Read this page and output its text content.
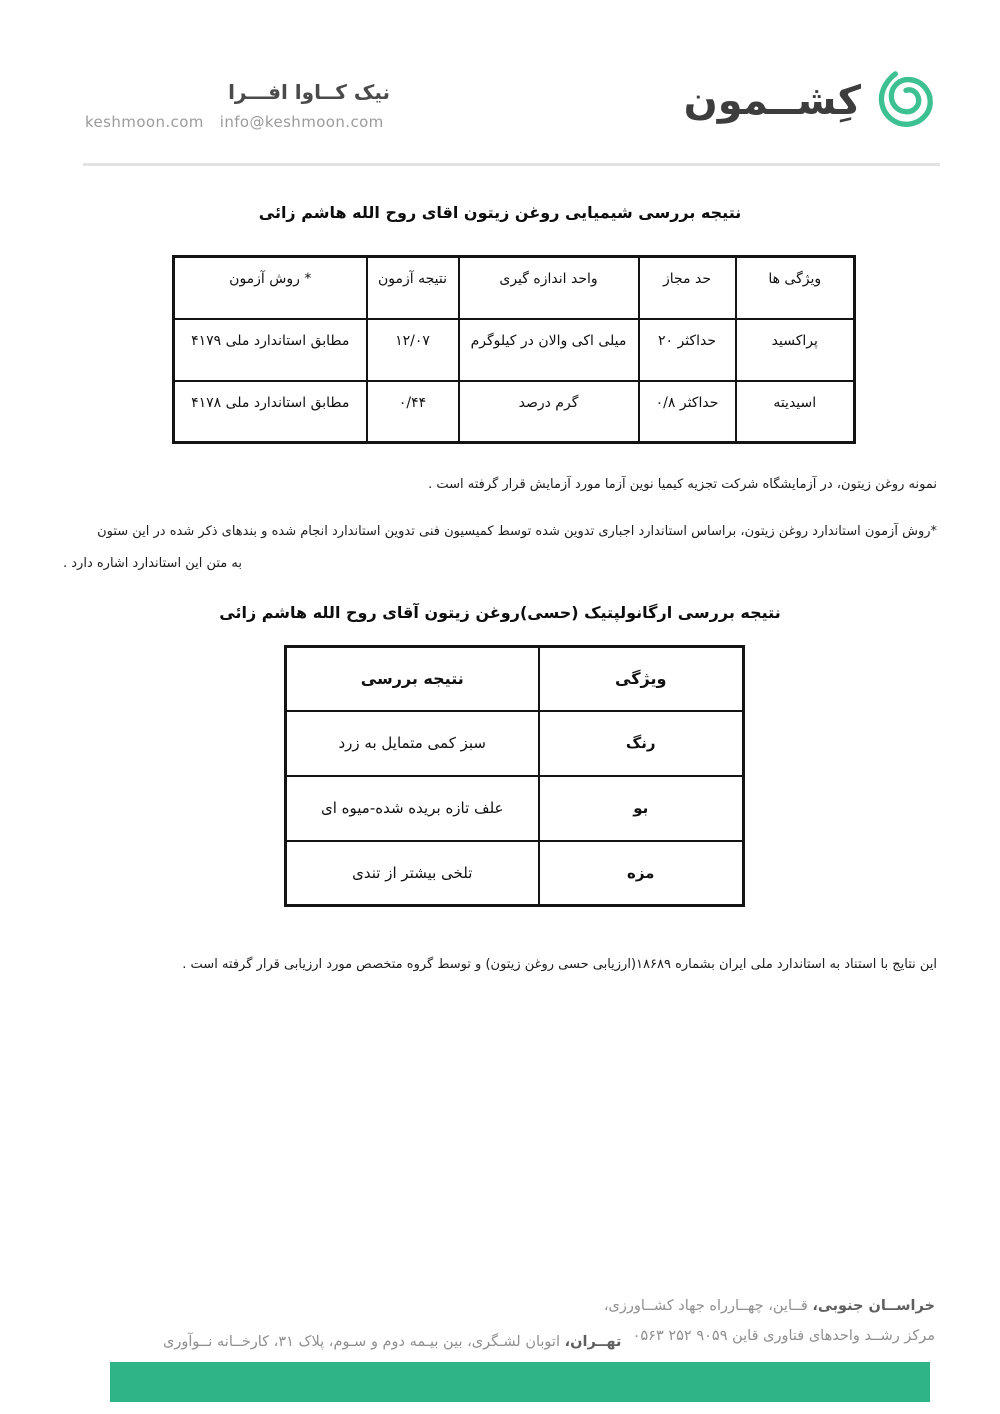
کِشــمون
نیک کــاوا افـــرا
keshmoon.com info@keshmoon.com
نتیجه بررسی شیمیایی روغن زیتون اقای روح الله هاشم زائی
ویژگی ها	حد مجاز	واحد اندازه گیری	نتیجه آزمون	* روش آزمون
پراکسید	حداکثر ۲۰	میلی اکی والان در کیلوگرم	۱۲/۰۷	مطابق استاندارد ملی ۴۱۷۹
اسیدیته	حداکثر ۰/۸	گرم درصد	۰/۴۴	مطابق استاندارد ملی ۴۱۷۸
نمونه روغن زیتون، در آزمایشگاه شرکت تجزیه کیمیا نوین آزما مورد آزمایش قرار گرفته است .
*روش آزمون استاندارد روغن زیتون، براساس استاندارد اجباری تدوین شده توسط کمیسیون فنی تدوین استاندارد انجام شده و بندهای ذکر شده در این ستون
به متن این استاندارد اشاره دارد .
نتیجه بررسی ارگانولپتیک (حسی)روغن زیتون آقای روح الله هاشم زائی
ویژگی	نتیجه بررسی
رنگ	سبز کمی متمایل به زرد
بو	علف تازه بریده شده-میوه ای
مزه	تلخی بیشتر از تندی
این نتایج با استناد به استاندارد ملی ایران بشماره ۱۸۶۸۹(ارزیابی حسی روغن زیتون) و توسط گروه متخصص مورد ارزیابی قرار گرفته است .
خراســان جنوبی، قــاین، چهــارراه جهاد کشــاورزی،
مرکز رشــد واحدهای فناوری قاین ۹۰۵۹ ۲۵۲ ۰۵۶۳
تهــران، اتوبان لشـگری، بین بیـمه دوم و سـوم، پلاک ۳۱، کارخــانه نــوآوری
